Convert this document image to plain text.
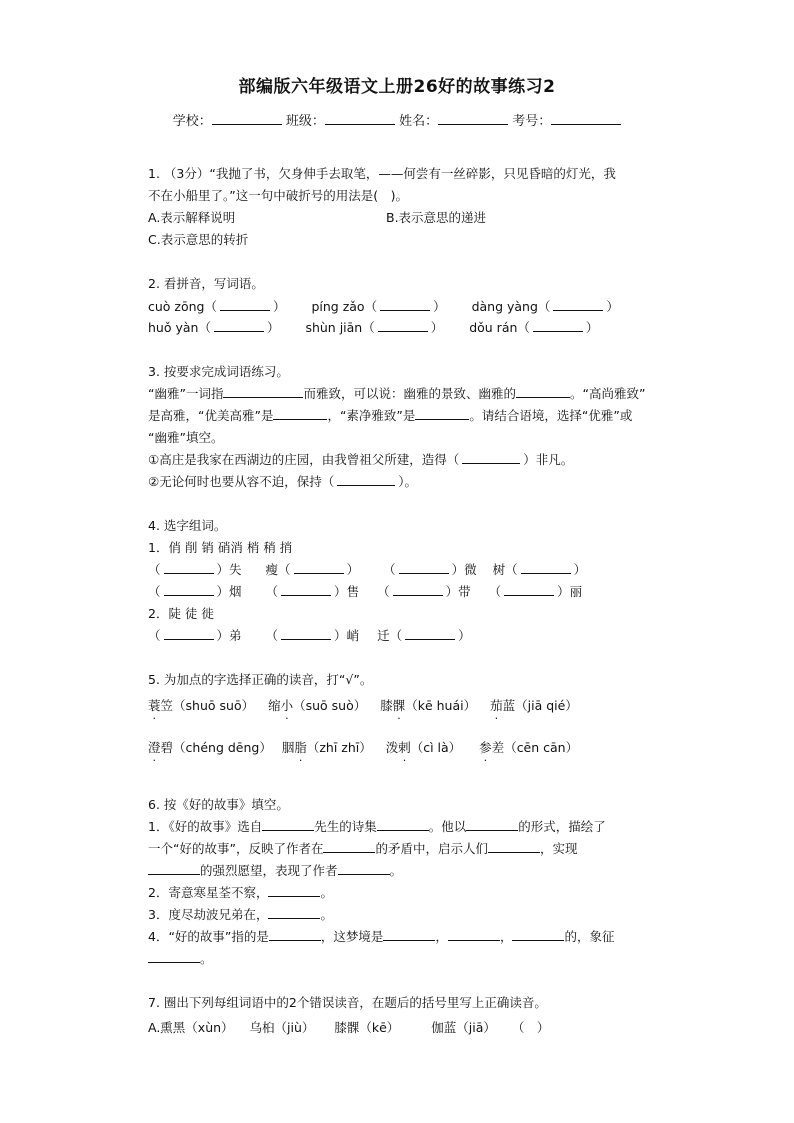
部编版六年级语文上册26好的故事练习2
学校：	班级：	姓名：	考号：
1. （3分）“我抛了书，欠身伸手去取笔，——何尝有一丝碎影，只见昏暗的灯光，我
不在小船里了。”这一句中破折号的用法是(　)。
A.表示解释说明	B.表示意思的递进
C.表示意思的转折
2. 看拼音，写词语。
cuò zōng（	）  píng zǎo（	）  dàng yàng（	）
huǒ yàn（	）  shùn jiān（	）  dǒu rán（	）
3. 按要求完成词语练习。
“幽雅”一词指	而雅致，可以说：幽雅的景致、幽雅的	。“高尚雅致”
是高雅，“优美高雅”是	，“素净雅致”是	。请结合语境，选择“优雅”或
“幽雅”填空。
①高庄是我家在西湖边的庄园，由我曾祖父所建，造得（	）非凡。
②无论何时也要从容不迫，保持（	）。
4. 选字组词。
1．俏 削 销 硝消 梢 稍 捎
（	）失 瘦（	） （	）微 树（	）
（	）烟 （	）售 （	）带 （	）丽
2．陡 徒 徙
（	）弟 （	）峭 迁（	）
5. 为加点的字选择正确的读音，打“√”。
蓑笠（shuō suō） 缩小（suō suò） 膝髁（kē huái） 茄蓝（jiā qié）
澄碧（chéng dēng） 胭脂（zhī zhī） 泼剌（cì là） 参差（cēn cān）
6. 按《好的故事》填空。
1．《好的故事》选自	先生的诗集	。他以	的形式，描绘了
一个“好的故事”，反映了作者在	的矛盾中，启示人们	，实现
的强烈愿望，表现了作者	。
2．寄意寒星荃不察，	。
3．度尽劫波兄弟在，	。
4．“好的故事”指的是	，这梦境是	，	，	的，象征
。
7. 圈出下列每组词语中的2个错误读音，在题后的括号里写上正确读音。
A.熏黑（xùn） 乌桕（jiù） 膝髁（kē）	伽蓝（jiā） （　）
